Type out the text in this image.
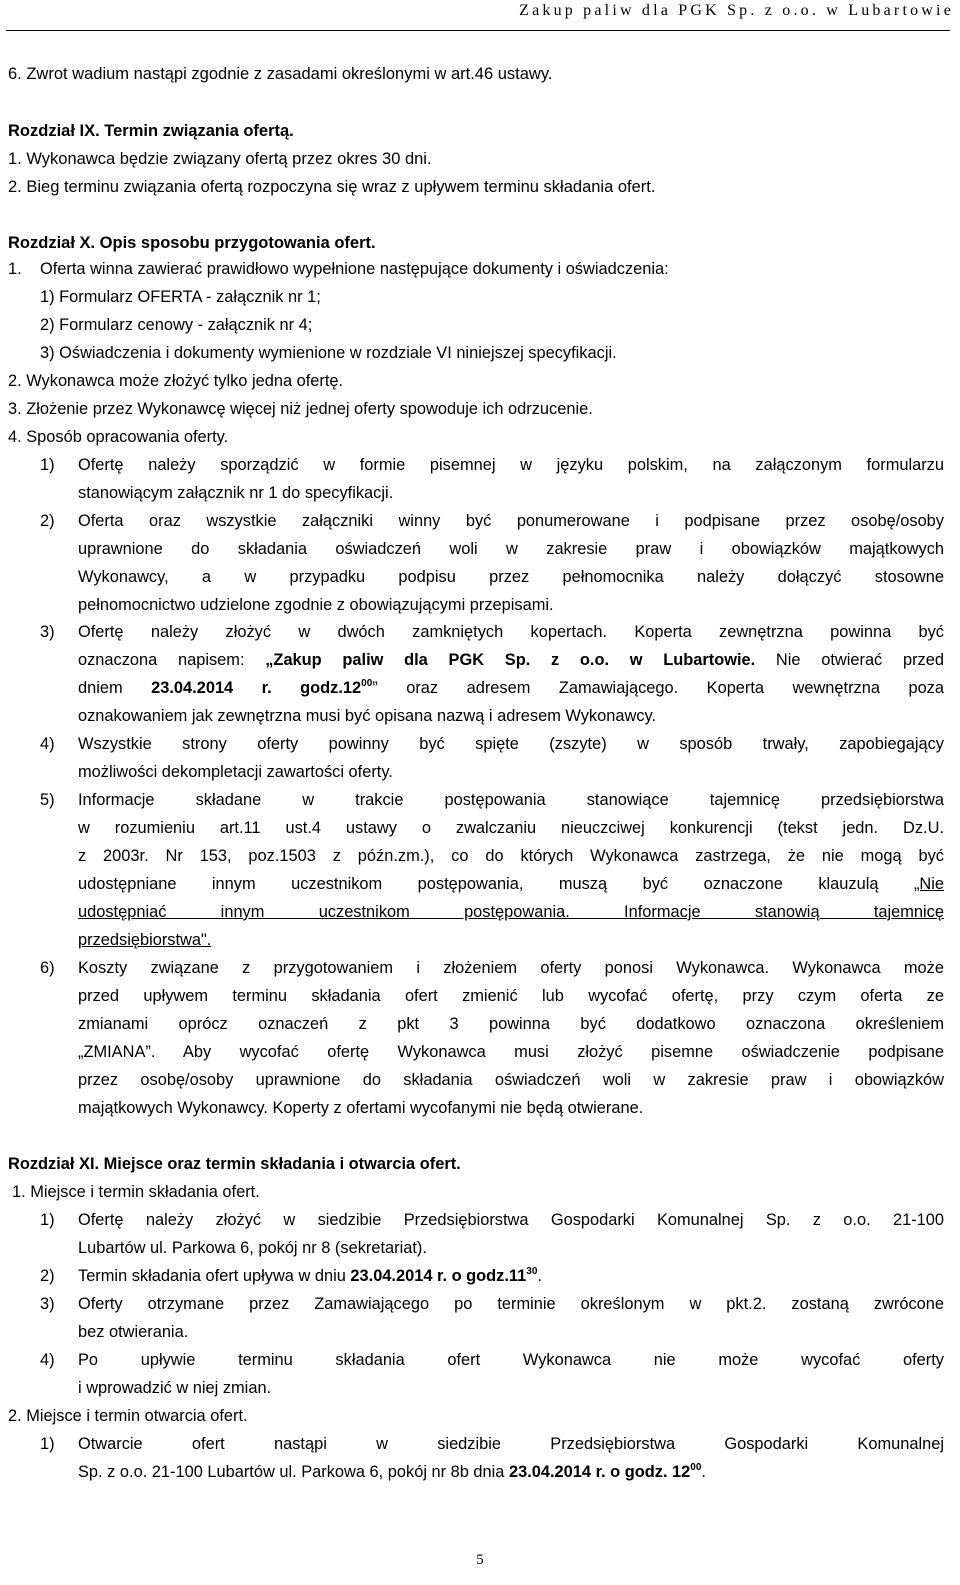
Zakup paliw dla PGK Sp. z o.o. w Lubartowie
6. Zwrot wadium nastąpi zgodnie z zasadami określonymi w art.46 ustawy.
Rozdział IX. Termin związania ofertą.
1. Wykonawca będzie związany ofertą przez okres 30 dni.
2. Bieg terminu związania ofertą rozpoczyna się wraz z upływem terminu składania ofert.
Rozdział X. Opis sposobu przygotowania ofert.
1. Oferta winna zawierać prawidłowo wypełnione następujące dokumenty i oświadczenia:
1) Formularz OFERTA - załącznik nr 1;
2) Formularz cenowy - załącznik nr 4;
3) Oświadczenia i dokumenty wymienione w rozdziale VI niniejszej specyfikacji.
2. Wykonawca może złożyć tylko jedna ofertę.
3. Złożenie przez Wykonawcę więcej niż jednej oferty spowoduje ich odrzucenie.
4. Sposób opracowania oferty.
1) Ofertę należy sporządzić w formie pisemnej w języku polskim, na załączonym formularzu
stanowiącym załącznik nr 1 do specyfikacji.
2) Oferta oraz wszystkie załączniki winny być ponumerowane i podpisane przez osobę/osoby
uprawnione do składania oświadczeń woli w zakresie praw i obowiązków majątkowych
Wykonawcy, a w przypadku podpisu przez pełnomocnika należy dołączyć stosowne
pełnomocnictwo udzielone zgodnie z obowiązującymi przepisami.
3) Ofertę należy złożyć w dwóch zamkniętych kopertach. Koperta zewnętrzna powinna być
oznaczona napisem: „Zakup paliw dla PGK Sp. z o.o. w Lubartowie. Nie otwierać przed
dniem 23.04.2014 r. $godz.12^{00}$” oraz adresem Zamawiającego. Koperta wewnętrzna poza
oznakowaniem jak zewnętrzna musi być opisana nazwą i adresem Wykonawcy.
4) Wszystkie strony oferty powinny być spięte (zszyte) w sposób trwały, zapobiegający
możliwości dekompletacji zawartości oferty.
5) Informacje składane w trakcie postępowania stanowiące tajemnicę przedsiębiorstwa
w rozumieniu art.11 ust.4 ustawy o zwalczaniu nieuczciwej konkurencji (tekst jedn. Dz.U.
z 2003r. Nr 153, poz.1503 z późn.zm.), co do których Wykonawca zastrzega, że nie mogą być
udostępniane innym uczestnikom postępowania, muszą być oznaczone klauzulą „Nie
udostępniać innym uczestnikom postępowania. Informacje stanowią tajemnicę
przedsiębiorstwa".
6) Koszty związane z przygotowaniem i złożeniem oferty ponosi Wykonawca. Wykonawca może
przed upływem terminu składania ofert zmienić lub wycofać ofertę, przy czym oferta ze
zmianami oprócz oznaczeń z pkt 3 powinna być dodatkowo oznaczona określeniem
„ZMIANA”. Aby wycofać ofertę Wykonawca musi złożyć pisemne oświadczenie podpisane
przez osobę/osoby uprawnione do składania oświadczeń woli w zakresie praw i obowiązków
majątkowych Wykonawcy. Koperty z ofertami wycofanymi nie będą otwierane.
Rozdział XI. Miejsce oraz termin składania i otwarcia ofert.
1. Miejsce i termin składania ofert.
1) Ofertę należy złożyć w siedzibie Przedsiębiorstwa Gospodarki Komunalnej Sp. z o.o. 21-100
Lubartów ul. Parkowa 6, pokój nr 8 (sekretariat).
2) Termin składania ofert upływa w dniu 23.04.2014 r. o $godz.11^{30}$.
3) Oferty otrzymane przez Zamawiającego po terminie określonym w pkt.2. zostaną zwrócone
bez otwierania.
4) Po upływie terminu składania ofert Wykonawca nie może wycofać oferty
i wprowadzić w niej zmian.
2. Miejsce i termin otwarcia ofert.
1) Otwarcie ofert nastąpi w siedzibie Przedsiębiorstwa Gospodarki Komunalnej
Sp. z o.o. 21-100 Lubartów ul. Parkowa 6, pokój nr 8b dnia 23.04.2014 r. o godz. $12^{00}$.
5
